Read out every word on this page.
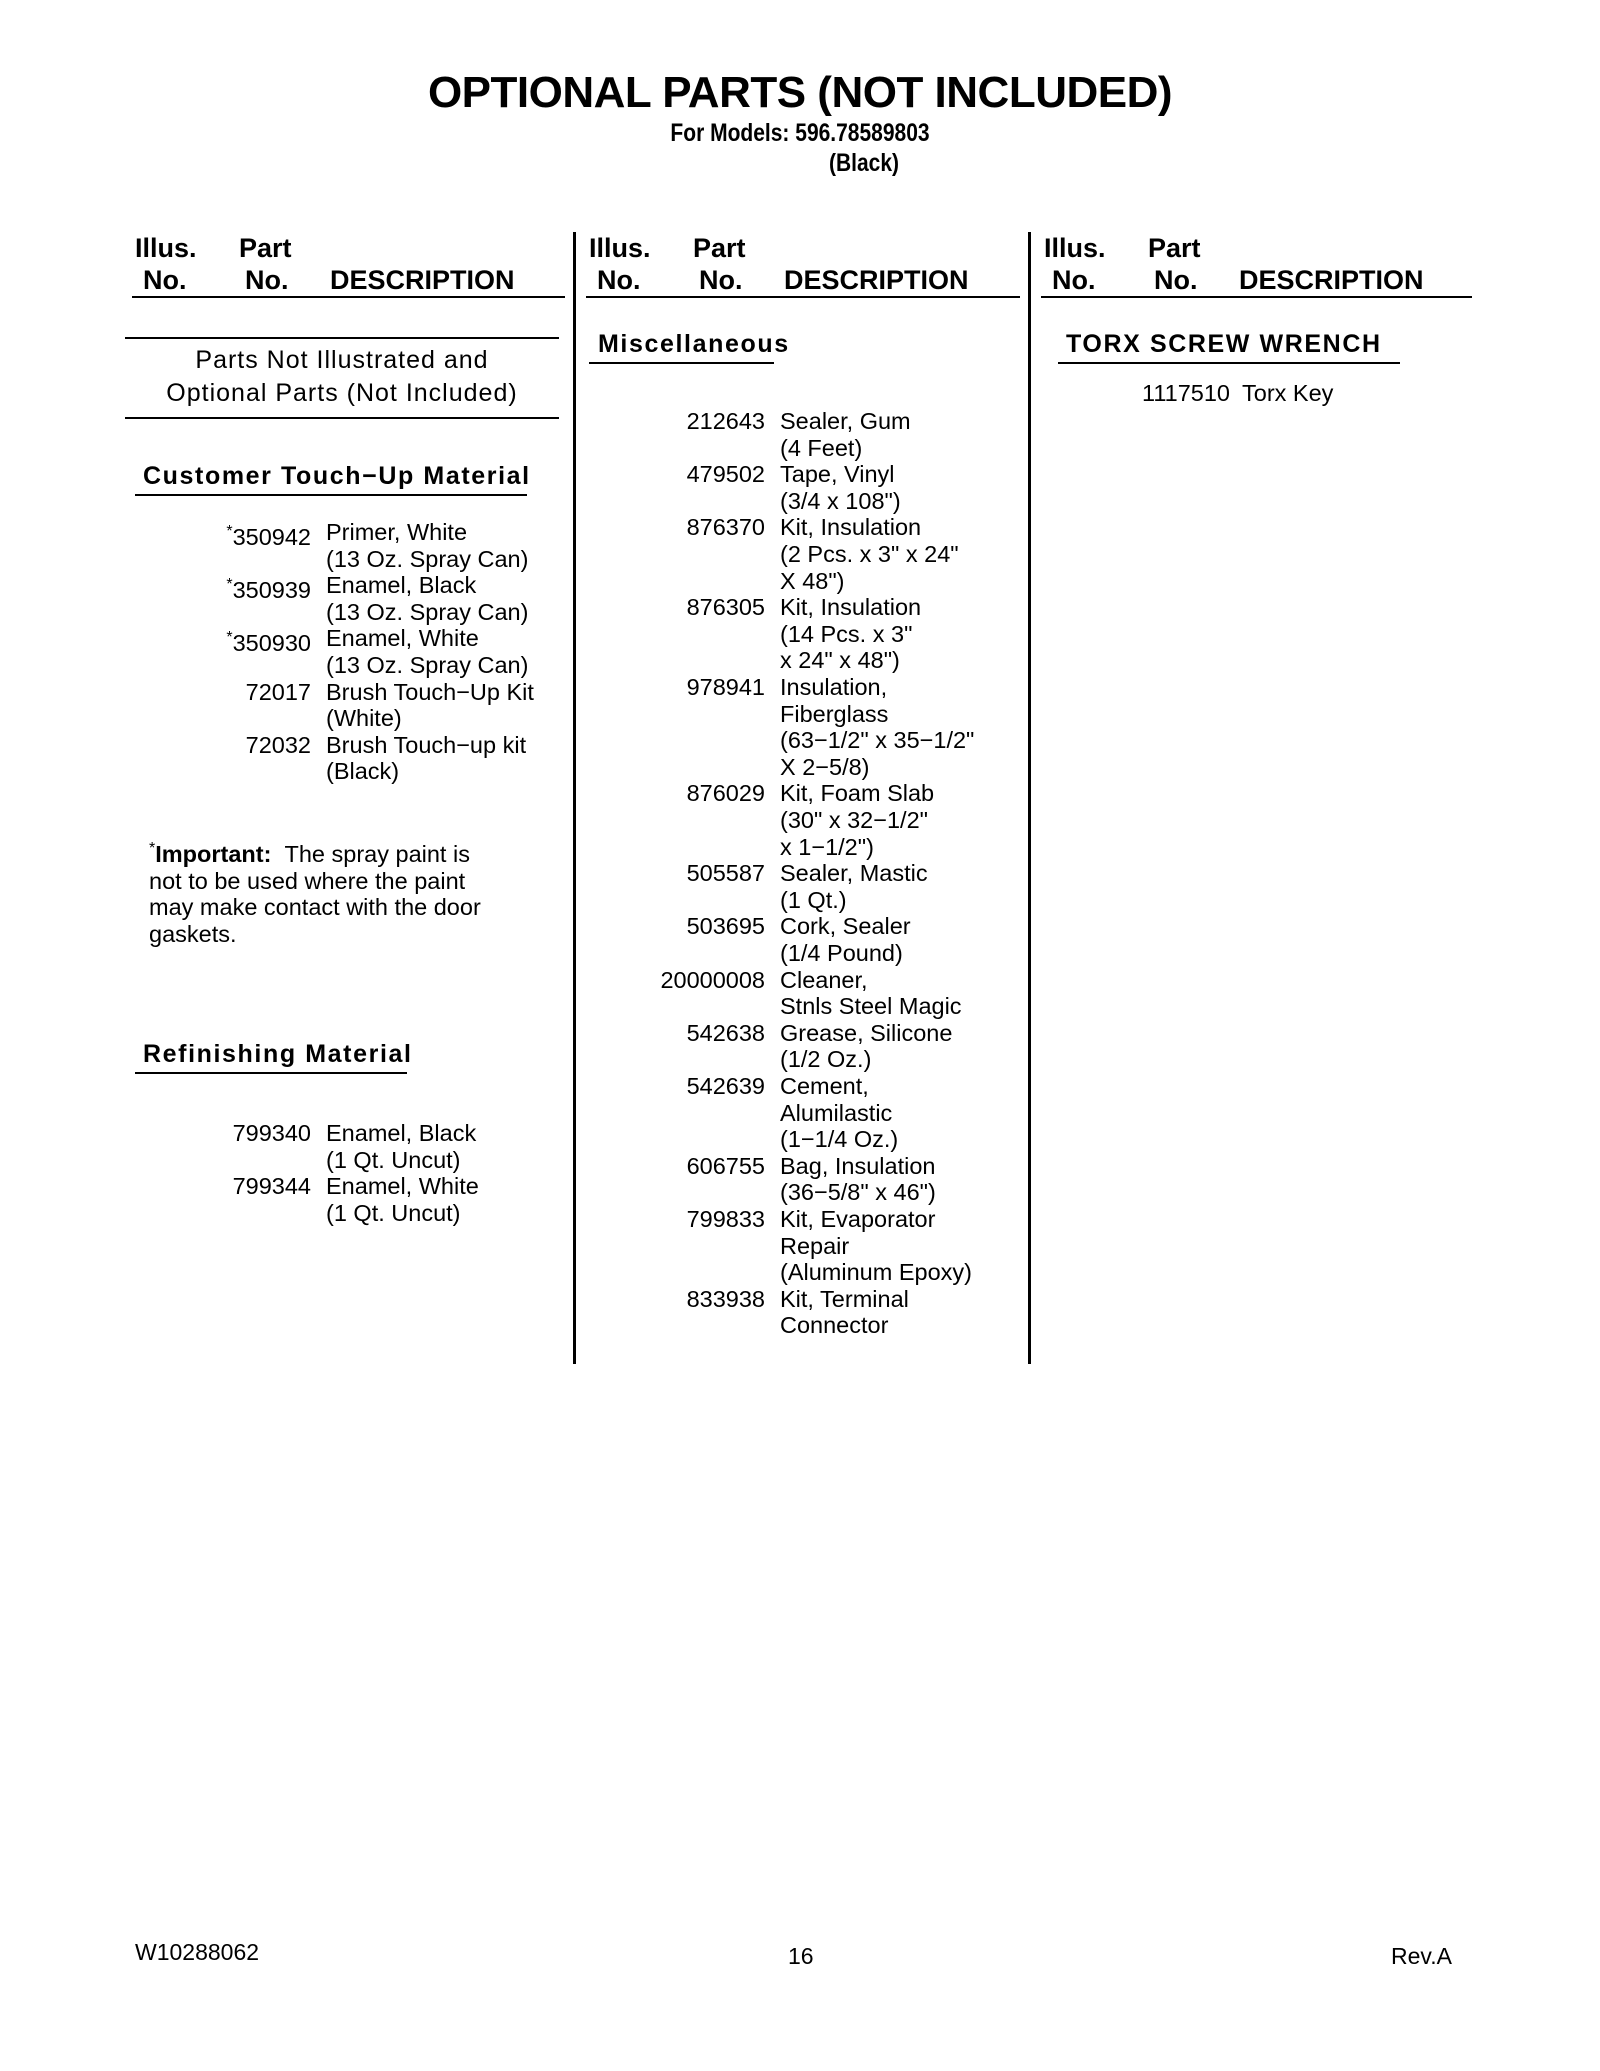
OPTIONAL PARTS (NOT INCLUDED)
For Models: 596.78589803
(Black)
Illus.
No.
Part
No. DESCRIPTION
Parts Not Illustrated and
Optional Parts (Not Included)
Customer Touch−Up Material
*350942 Primer, White
(13 Oz. Spray Can)
*350939 Enamel, Black
(13 Oz. Spray Can)
*350930 Enamel, White
(13 Oz. Spray Can)
72017 Brush Touch−Up Kit
(White)
72032 Brush Touch−up kit
(Black)
*Important: The spray paint is
not to be used where the paint
may make contact with the door
gaskets.
Refinishing Material
799340 Enamel, Black
(1 Qt. Uncut)
799344 Enamel, White
(1 Qt. Uncut)
Illus.
No.
Part
No. DESCRIPTION
Miscellaneous
212643 Sealer, Gum
(4 Feet)
479502 Tape, Vinyl
(3/4 x 108")
876370 Kit, Insulation
(2 Pcs. x 3" x 24"
X 48")
876305 Kit, Insulation
(14 Pcs. x 3"
x 24" x 48")
978941 Insulation,
Fiberglass
(63−1/2" x 35−1/2"
X 2−5/8)
876029 Kit, Foam Slab
(30" x 32−1/2"
x 1−1/2")
505587 Sealer, Mastic
(1 Qt.)
503695 Cork, Sealer
(1/4 Pound)
20000008 Cleaner,
Stnls Steel Magic
542638 Grease, Silicone
(1/2 Oz.)
542639 Cement,
Alumilastic
(1−1/4 Oz.)
606755 Bag, Insulation
(36−5/8" x 46")
799833 Kit, Evaporator
Repair
(Aluminum Epoxy)
833938 Kit, Terminal
Connector
Illus.
No.
Part
No. DESCRIPTION
TORX SCREW WRENCH
1117510 Torx Key
W10288062	16	Rev.A
